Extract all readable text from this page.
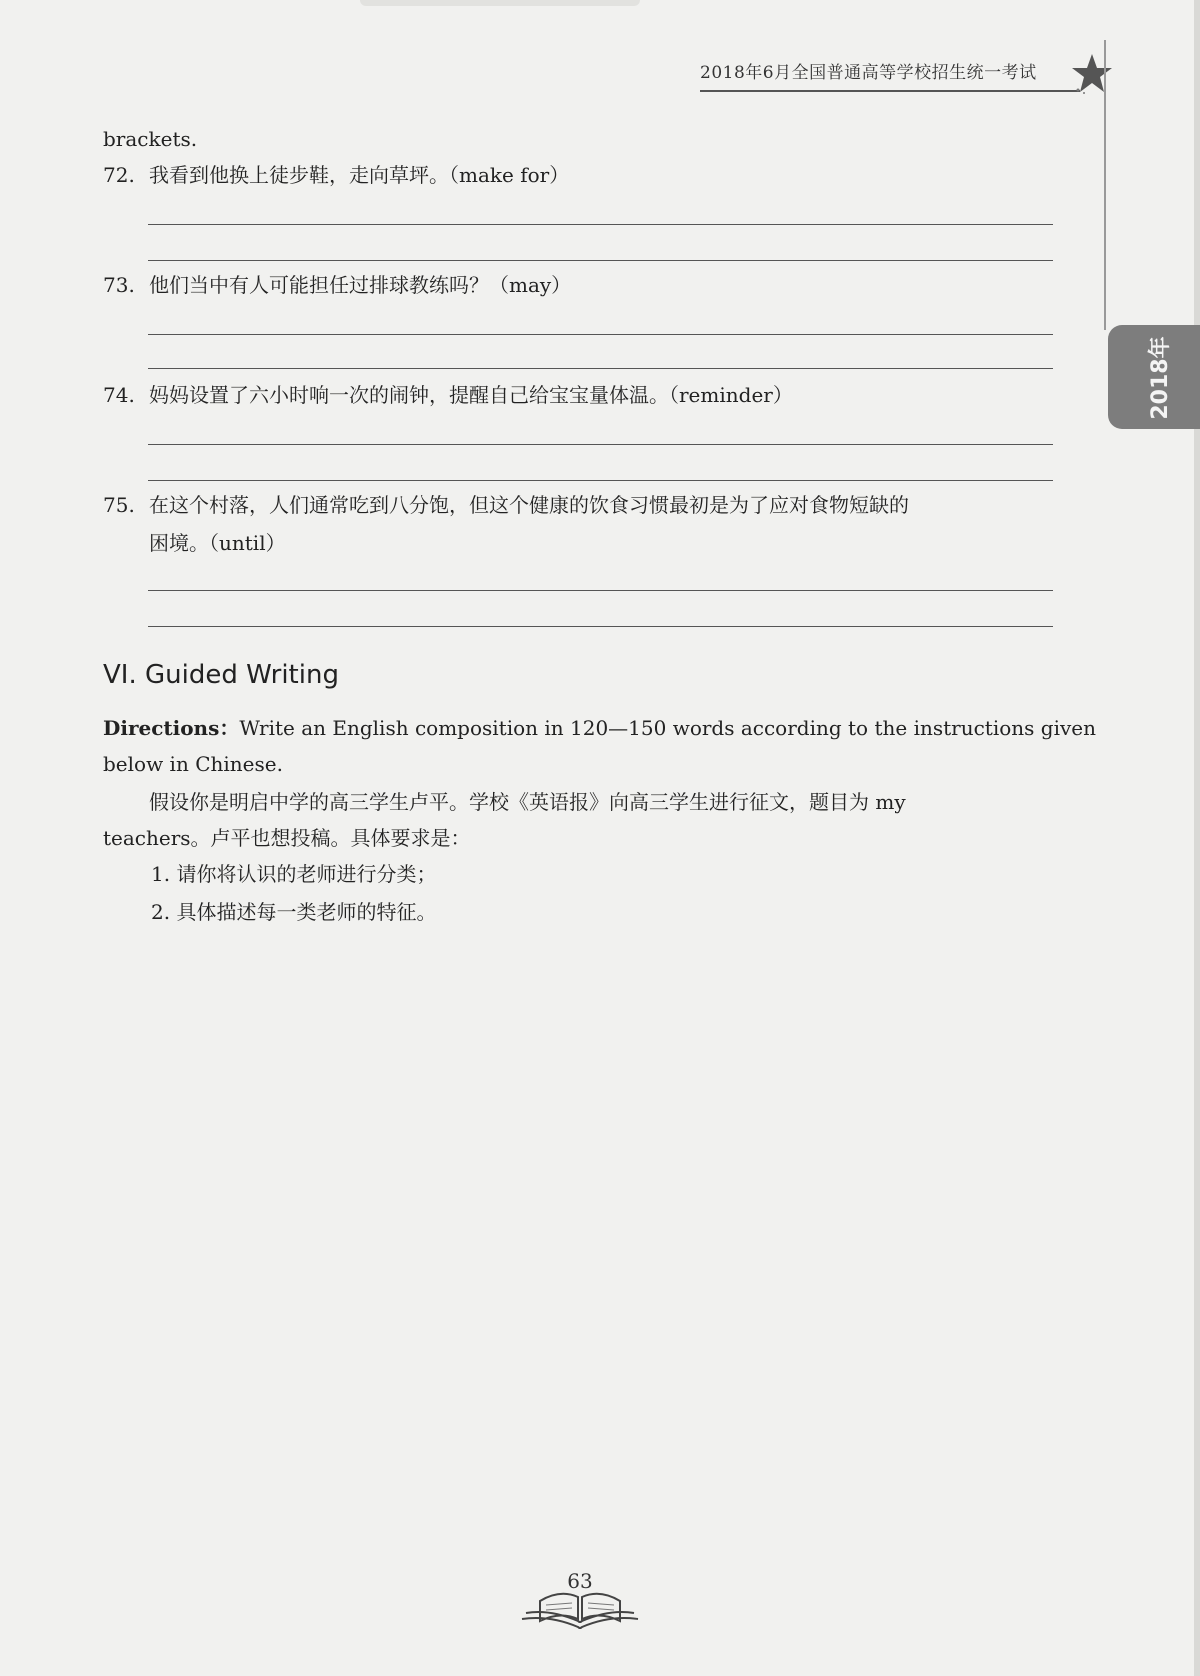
2018年6月全国普通高等学校招生统一考试
2018年
brackets.
72. 我看到他换上徒步鞋，走向草坪。（make for）
73. 他们当中有人可能担任过排球教练吗？（may）
74. 妈妈设置了六小时响一次的闹钟，提醒自己给宝宝量体温。（reminder）
75. 在这个村落，人们通常吃到八分饱，但这个健康的饮食习惯最初是为了应对食物短缺的
困境。（until）
VI. Guided Writing
Directions：Write an English composition in 120—150 words according to the instructions given
below in Chinese.
假设你是明启中学的高三学生卢平。学校《英语报》向高三学生进行征文，题目为 my
teachers。卢平也想投稿。具体要求是：
1. 请你将认识的老师进行分类；
2. 具体描述每一类老师的特征。
63
